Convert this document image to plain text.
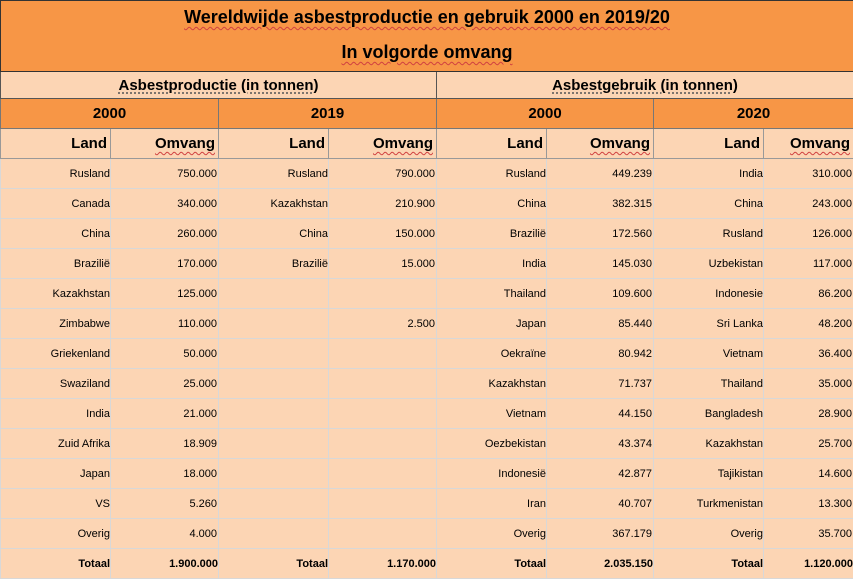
Wereldwijde asbestproductie en gebruik 2000 en 2019/20							
In volgorde omvang							
Asbestproductie (in tonnen)				Asbestgebruik (in tonnen)			
2000		2019		2000		2020	
Land	Omvang	Land	Omvang	Land	Omvang	Land	Omvang
Rusland	750.000	Rusland	790.000	Rusland	449.239	India	310.000
Canada	340.000	Kazakhstan	210.900	China	382.315	China	243.000
China	260.000	China	150.000	Brazilië	172.560	Rusland	126.000
Brazilië	170.000	Brazilië	15.000	India	145.030	Uzbekistan	117.000
Kazakhstan	125.000			Thailand	109.600	Indonesie	86.200
Zimbabwe	110.000		2.500	Japan	85.440	Sri Lanka	48.200
Griekenland	50.000			Oekraïne	80.942	Vietnam	36.400
Swaziland	25.000			Kazakhstan	71.737	Thailand	35.000
India	21.000			Vietnam	44.150	Bangladesh	28.900
Zuid Afrika	18.909			Oezbekistan	43.374	Kazakhstan	25.700
Japan	18.000			Indonesië	42.877	Tajikistan	14.600
VS	5.260			Iran	40.707	Turkmenistan	13.300
Overig	4.000			Overig	367.179	Overig	35.700
Totaal	1.900.000	Totaal	1.170.000	Totaal	2.035.150	Totaal	1.120.000
